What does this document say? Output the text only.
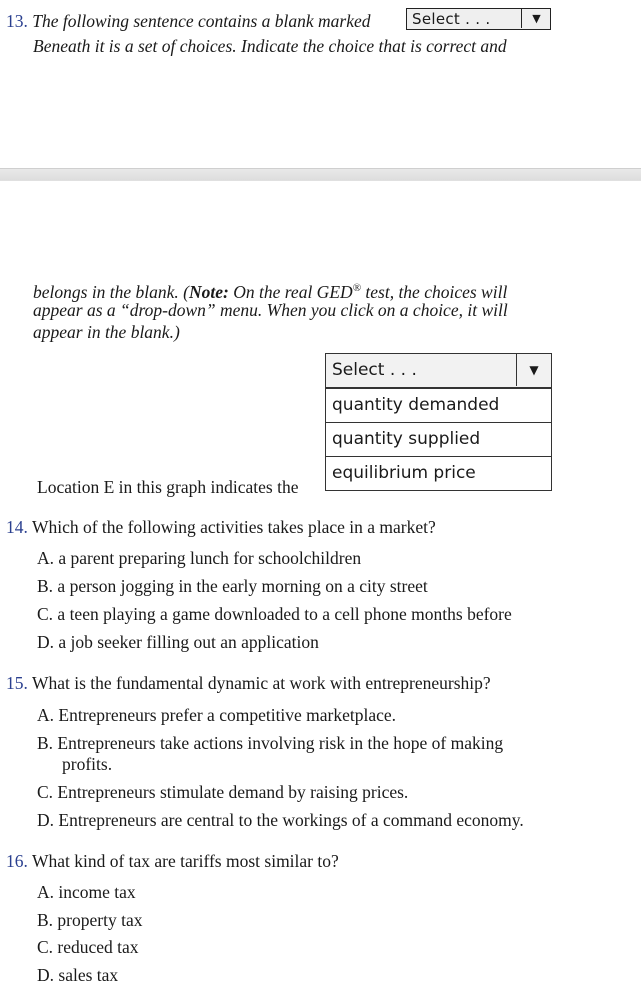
13. The following sentence contains a blank marked	Select . . .	▼
Beneath it is a set of choices. Indicate the choice that is correct and
belongs in the blank. (Note: On the real GED® test, the choices will
appear as a “drop-down” menu. When you click on a choice, it will
appear in the blank.)
Select . . .	▼
quantity demanded
quantity supplied
equilibrium price
Location E in this graph indicates the
14. Which of the following activities takes place in a market?
A. a parent preparing lunch for schoolchildren
B. a person jogging in the early morning on a city street
C. a teen playing a game downloaded to a cell phone months before
D. a job seeker filling out an application
15. What is the fundamental dynamic at work with entrepreneurship?
A. Entrepreneurs prefer a competitive marketplace.
B. Entrepreneurs take actions involving risk in the hope of making
profits.
C. Entrepreneurs stimulate demand by raising prices.
D. Entrepreneurs are central to the workings of a command economy.
16. What kind of tax are tariffs most similar to?
A. income tax
B. property tax
C. reduced tax
D. sales tax
